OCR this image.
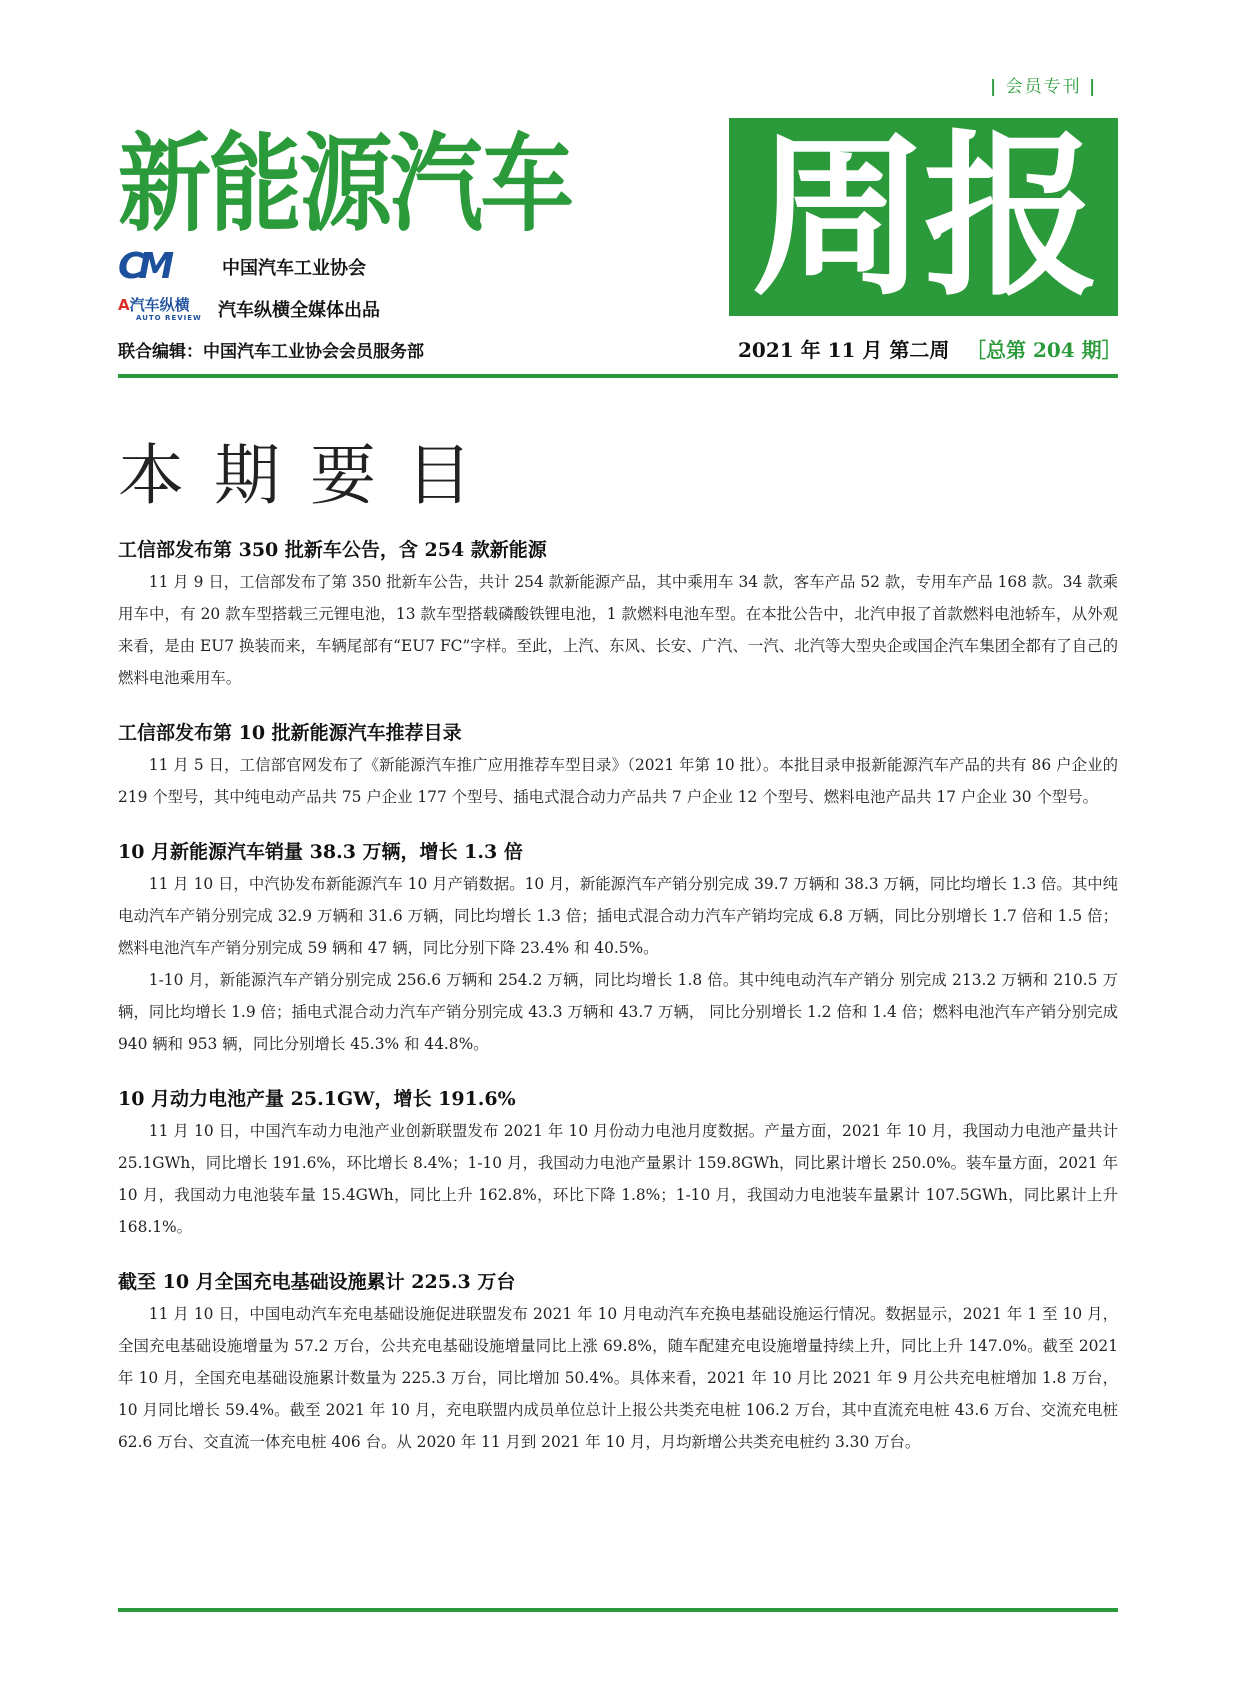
| 会员专刊 |
新能源汽车 周报
CM	中国汽车工业协会
A汽车纵横
AUTO REVIEW 汽车纵横全媒体出品
联合编辑：中国汽车工业协会会员服务部	2021 年 11 月 第二周 ［总第 204 期］
本期要目
工信部发布第 350 批新车公告，含 254 款新能源

11 月 9 日，工信部发布了第 350 批新车公告，共计 254 款新能源产品，其中乘用车 34 款，客车产品 52 款，专用车产品 168 款。34 款乘用车中，有 20 款车型搭载三元锂电池，13 款车型搭载磷酸铁锂电池，1 款燃料电池车型。在本批公告中，北汽申报了首款燃料电池轿车，从外观来看，是由 EU7 换装而来，车辆尾部有“EU7 FC”字样。至此，上汽、东风、长安、广汽、一汽、北汽等大型央企或国企汽车集团全都有了自己的燃料电池乘用车。

工信部发布第 10 批新能源汽车推荐目录

11 月 5 日，工信部官网发布了《新能源汽车推广应用推荐车型目录》（2021 年第 10 批）。本批目录申报新能源汽车产品的共有 86 户企业的 219 个型号，其中纯电动产品共 75 户企业 177 个型号、插电式混合动力产品共 7 户企业 12 个型号、燃料电池产品共 17 户企业 30 个型号。

10 月新能源汽车销量 38.3 万辆，增长 1.3 倍

11 月 10 日，中汽协发布新能源汽车 10 月产销数据。10 月，新能源汽车产销分别完成 39.7 万辆和 38.3 万辆，同比均增长 1.3 倍。其中纯电动汽车产销分别完成 32.9 万辆和 31.6 万辆，同比均增长 1.3 倍；插电式混合动力汽车产销均完成 6.8 万辆，同比分别增长 1.7 倍和 1.5 倍；燃料电池汽车产销分别完成 59 辆和 47 辆，同比分别下降 23.4% 和 40.5%。

1-10 月，新能源汽车产销分别完成 256.6 万辆和 254.2 万辆，同比均增长 1.8 倍。其中纯电动汽车产销分 别完成 213.2 万辆和 210.5 万辆，同比均增长 1.9 倍；插电式混合动力汽车产销分别完成 43.3 万辆和 43.7 万辆， 同比分别增长 1.2 倍和 1.4 倍；燃料电池汽车产销分别完成 940 辆和 953 辆，同比分别增长 45.3% 和 44.8%。

10 月动力电池产量 25.1GW，增长 191.6%

11 月 10 日，中国汽车动力电池产业创新联盟发布 2021 年 10 月份动力电池月度数据。产量方面，2021 年 10 月，我国动力电池产量共计 25.1GWh，同比增长 191.6%，环比增长 8.4%；1-10 月，我国动力电池产量累计 159.8GWh，同比累计增长 250.0%。装车量方面，2021 年 10 月，我国动力电池装车量 15.4GWh，同比上升 162.8%，环比下降 1.8%；1-10 月，我国动力电池装车量累计 107.5GWh，同比累计上升 168.1%。

截至 10 月全国充电基础设施累计 225.3 万台

11 月 10 日，中国电动汽车充电基础设施促进联盟发布 2021 年 10 月电动汽车充换电基础设施运行情况。数据显示，2021 年 1 至 10 月，全国充电基础设施增量为 57.2 万台，公共充电基础设施增量同比上涨 69.8%，随车配建充电设施增量持续上升，同比上升 147.0%。截至 2021 年 10 月，全国充电基础设施累计数量为 225.3 万台，同比增加 50.4%。具体来看，2021 年 10 月比 2021 年 9 月公共充电桩增加 1.8 万台，10 月同比增长 59.4%。截至 2021 年 10 月，充电联盟内成员单位总计上报公共类充电桩 106.2 万台，其中直流充电桩 43.6 万台、交流充电桩 62.6 万台、交直流一体充电桩 406 台。从 2020 年 11 月到 2021 年 10 月，月均新增公共类充电桩约 3.30 万台。
